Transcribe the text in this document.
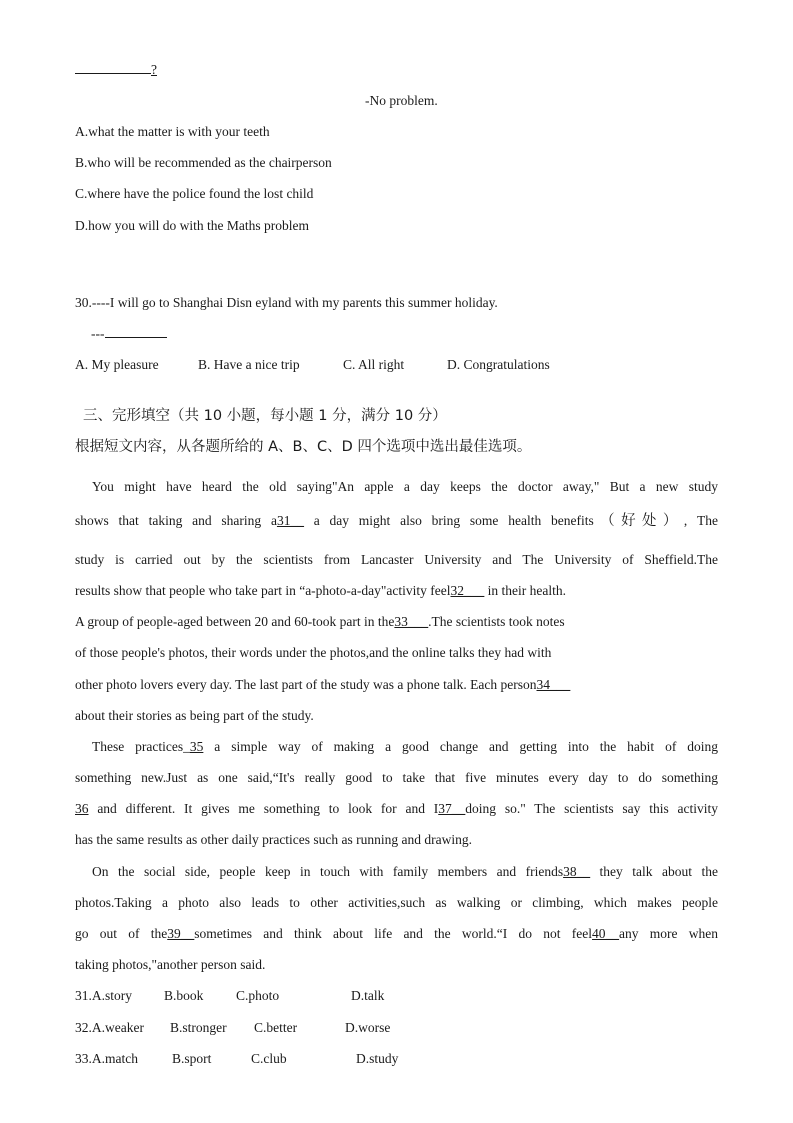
?
-No problem.
A.what the matter is with your teeth
B.who will be recommended as the chairperson
C.where have the police found the lost child
D.how you will do with the Maths problem
30.----I will go to Shanghai Disn eyland with my parents this summer holiday.
---
A. My pleasure	B. Have a nice trip	C. All right	D. Congratulations
三、完形填空（共 10 小题，每小题 1 分，满分 10 分）
根据短文内容，从各题所给的 A、B、C、D 四个选项中选出最佳选项。
You might have heard the old saying"An apple a day keeps the doctor away," But a new study
shows that taking and sharing a31__ a day might also bring some health benefits（好处）, The
study is carried out by the scientists from Lancaster University and The University of Sheffield.The
results show that people who take part in “a-photo-a-day"activity feel32___ in their health.
A group of people-aged between 20 and 60-took part in the33___.The scientists took notes
of those people's photos, their words under the photos,and the online talks they had with
other photo lovers every day. The last part of the study was a phone talk. Each person34___
about their stories as being part of the study.
These practices_35 a simple way of making a good change and getting into the habit of doing
something new.Just as one said,“It's really good to take that five minutes every day to do something
36 and different. It gives me something to look for and I37__doing so." The scientists say this activity
has the same results as other daily practices such as running and drawing.
On the social side, people keep in touch with family members and friends38__ they talk about the
photos.Taking a photo also leads to other activities,such as walking or climbing, which makes people
go out of the39__sometimes and think about life and the world.“I do not feel40__any more when
taking photos,"another person said.
31.A.story B.book C.photo	D.talk
32.A.weaker B.stronger C.better	D.worse
33.A.match	B.sport	C.club	D.study
